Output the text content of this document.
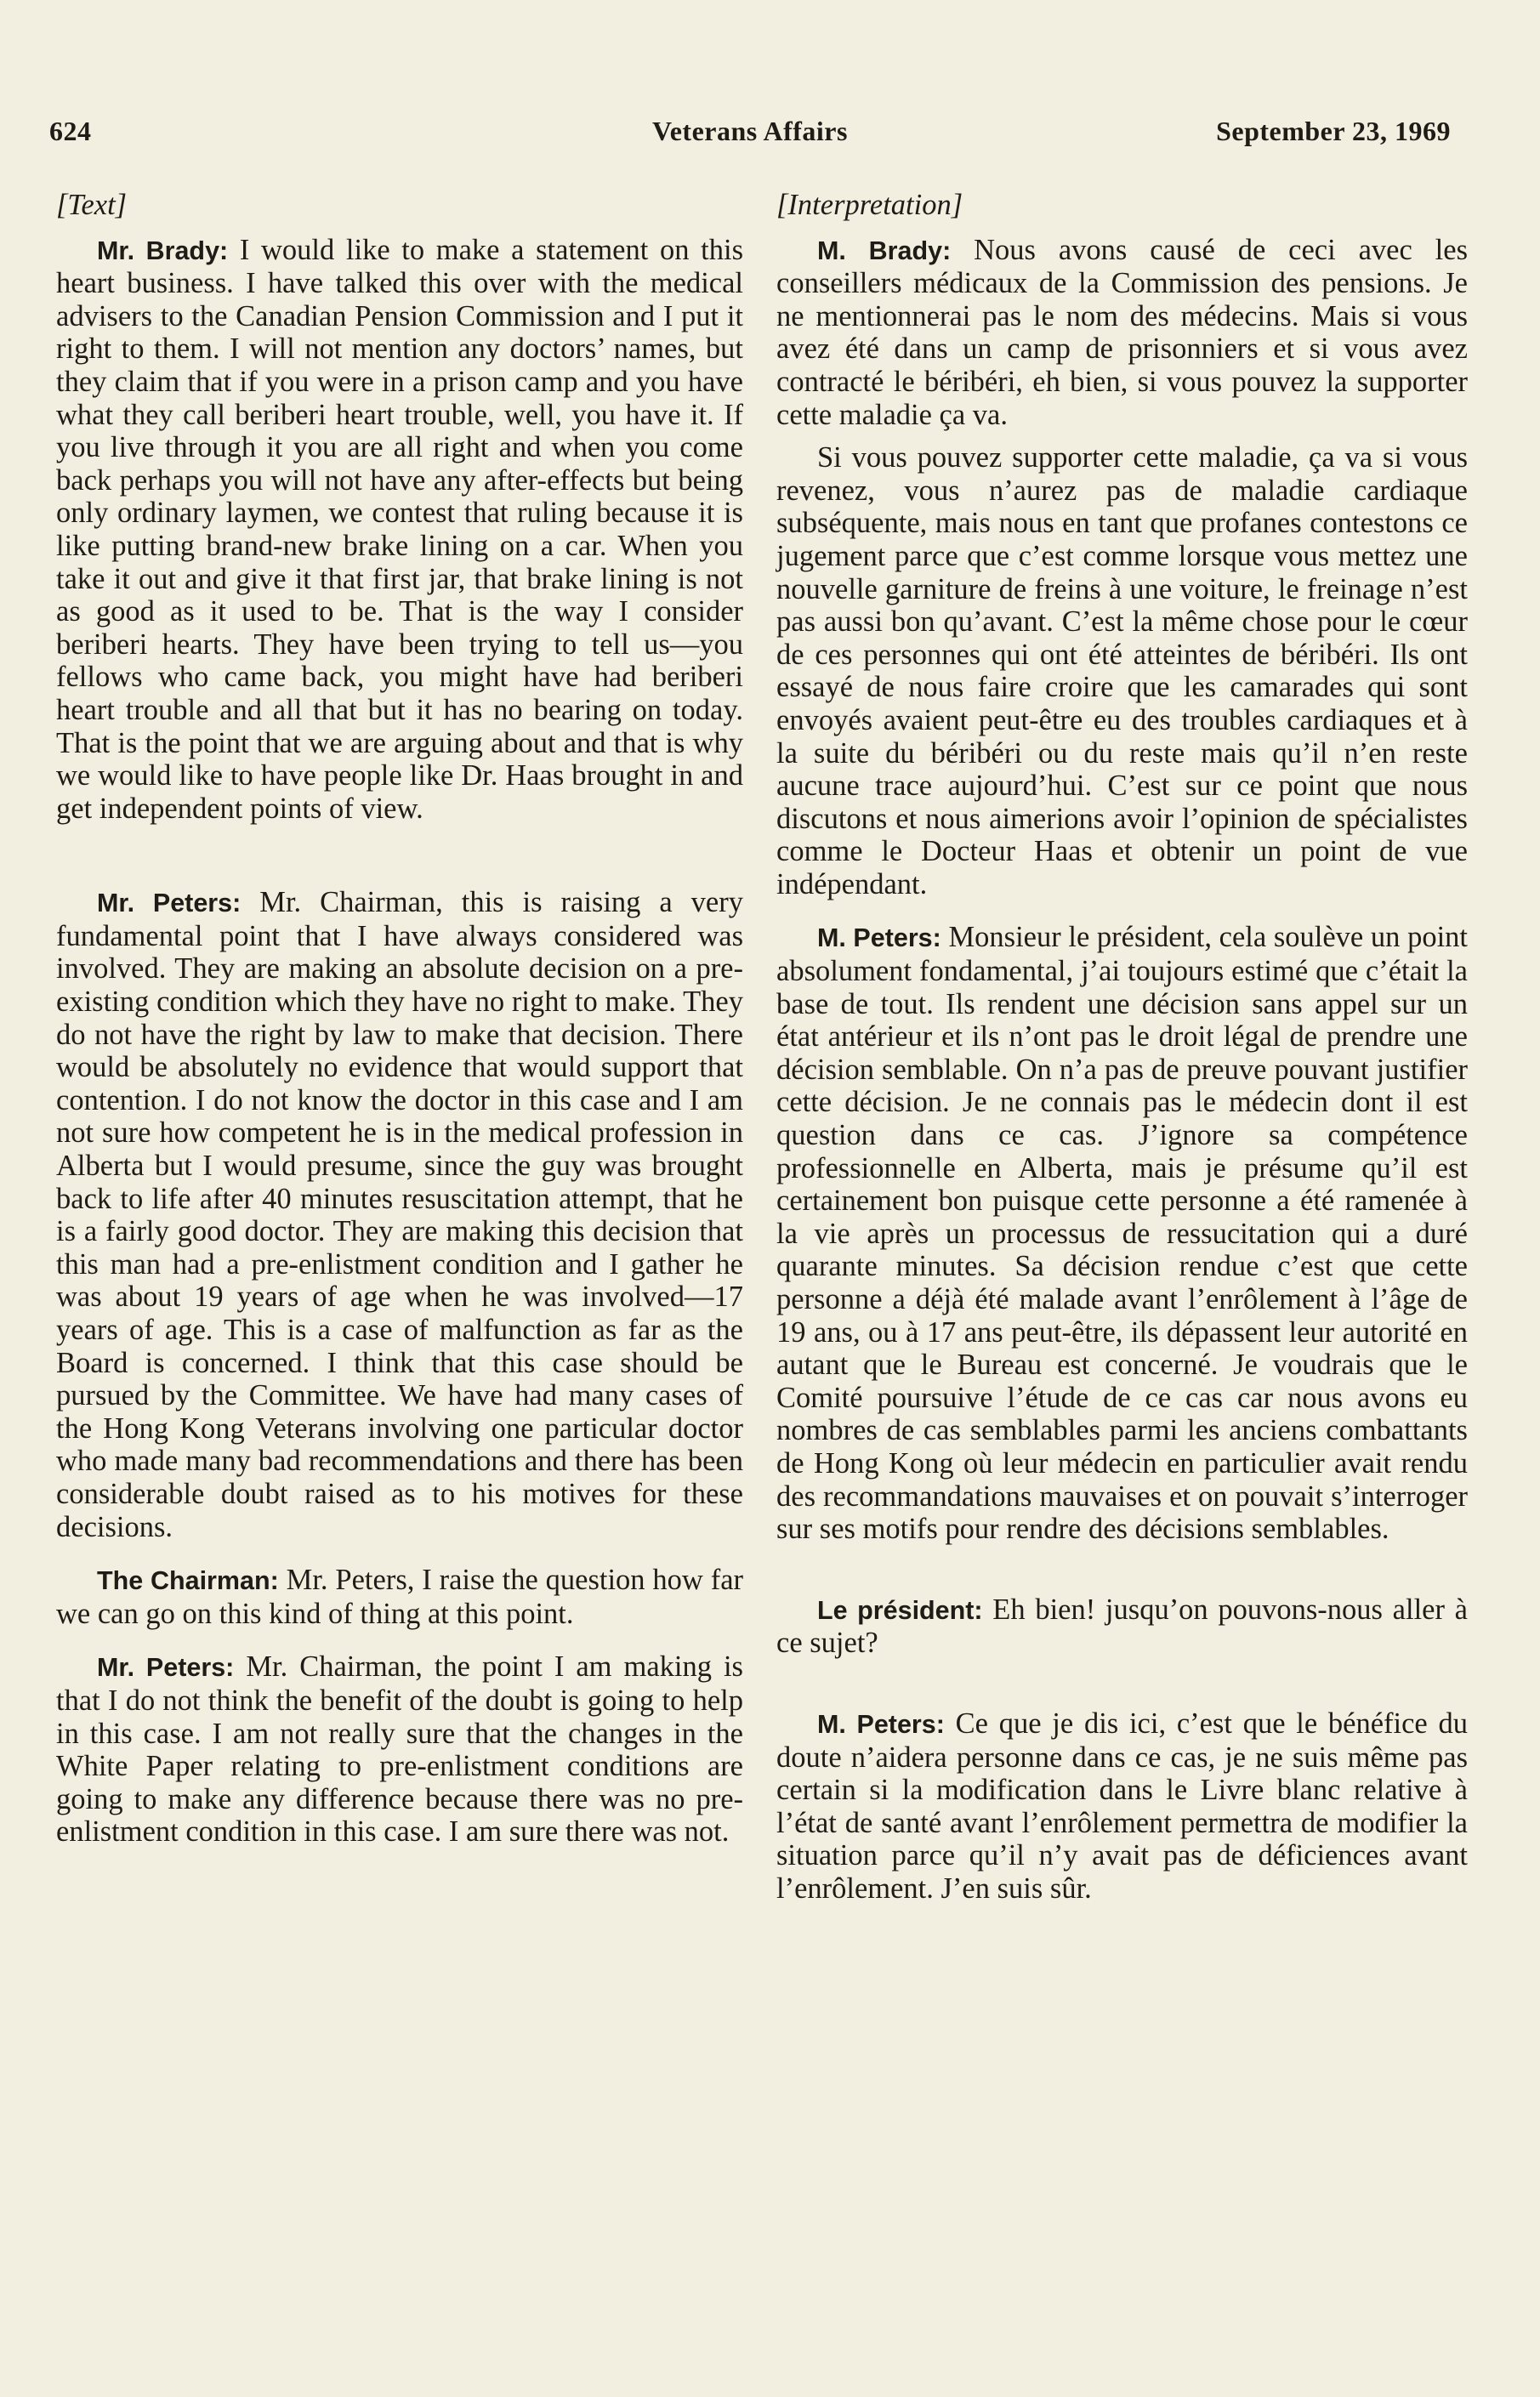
624	Veterans Affairs	September 23, 1969

[Text]

Mr. Brady: I would like to make a statement on this heart business. I have talked this over with the medical advisers to the Canadian Pension Commission and I put it right to them. I will not mention any doctors’ names, but they claim that if you were in a prison camp and you have what they call beriberi heart trouble, well, you have it. If you live through it you are all right and when you come back perhaps you will not have any after-effects but being only ordinary laymen, we contest that ruling because it is like putting brand-new brake lining on a car. When you take it out and give it that first jar, that brake lining is not as good as it used to be. That is the way I consider beriberi hearts. They have been trying to tell us—you fellows who came back, you might have had beriberi heart trouble and all that but it has no bearing on today. That is the point that we are arguing about and that is why we would like to have people like Dr. Haas brought in and get independent points of view.

Mr. Peters: Mr. Chairman, this is raising a very fundamental point that I have always considered was involved. They are making an absolute decision on a pre-existing condition which they have no right to make. They do not have the right by law to make that decision. There would be absolutely no evidence that would support that contention. I do not know the doctor in this case and I am not sure how competent he is in the medical profession in Alberta but I would presume, since the guy was brought back to life after 40 minutes resuscitation attempt, that he is a fairly good doctor. They are making this decision that this man had a pre-enlistment condition and I gather he was about 19 years of age when he was involved—17 years of age. This is a case of malfunction as far as the Board is concerned. I think that this case should be pursued by the Committee. We have had many cases of the Hong Kong Veterans involving one particular doctor who made many bad recommendations and there has been considerable doubt raised as to his motives for these decisions.

The Chairman: Mr. Peters, I raise the question how far we can go on this kind of thing at this point.

Mr. Peters: Mr. Chairman, the point I am making is that I do not think the benefit of the doubt is going to help in this case. I am not really sure that the changes in the White Paper relating to pre-enlistment conditions are going to make any difference because there was no pre-enlistment condition in this case. I am sure there was not.

[Interpretation]

M. Brady: Nous avons causé de ceci avec les conseillers médicaux de la Commission des pensions. Je ne mentionnerai pas le nom des médecins. Mais si vous avez été dans un camp de prisonniers et si vous avez contracté le béribéri, eh bien, si vous pouvez la supporter cette maladie ça va.

Si vous pouvez supporter cette maladie, ça va si vous revenez, vous n’aurez pas de maladie cardiaque subséquente, mais nous en tant que profanes contestons ce jugement parce que c’est comme lorsque vous mettez une nouvelle garniture de freins à une voiture, le freinage n’est pas aussi bon qu’avant. C’est la même chose pour le cœur de ces personnes qui ont été atteintes de béribéri. Ils ont essayé de nous faire croire que les camarades qui sont envoyés avaient peut-être eu des troubles cardiaques et à la suite du béribéri ou du reste mais qu’il n’en reste aucune trace aujourd’hui. C’est sur ce point que nous discutons et nous aimerions avoir l’opinion de spécialistes comme le Docteur Haas et obtenir un point de vue indépendant.

M. Peters: Monsieur le président, cela soulève un point absolument fondamental, j’ai toujours estimé que c’était la base de tout. Ils rendent une décision sans appel sur un état antérieur et ils n’ont pas le droit légal de prendre une décision semblable. On n’a pas de preuve pouvant justifier cette décision. Je ne connais pas le médecin dont il est question dans ce cas. J’ignore sa compétence professionnelle en Alberta, mais je présume qu’il est certainement bon puisque cette personne a été ramenée à la vie après un processus de ressucitation qui a duré quarante minutes. Sa décision rendue c’est que cette personne a déjà été malade avant l’enrôlement à l’âge de 19 ans, ou à 17 ans peut-être, ils dépassent leur autorité en autant que le Bureau est concerné. Je voudrais que le Comité poursuive l’étude de ce cas car nous avons eu nombres de cas semblables parmi les anciens combattants de Hong Kong où leur médecin en particulier avait rendu des recommandations mauvaises et on pouvait s’interroger sur ses motifs pour rendre des décisions semblables.

Le président: Eh bien! jusqu’on pouvons-nous aller à ce sujet?

M. Peters: Ce que je dis ici, c’est que le bénéfice du doute n’aidera personne dans ce cas, je ne suis même pas certain si la modification dans le Livre blanc relative à l’état de santé avant l’enrôlement permettra de modifier la situation parce qu’il n’y avait pas de déficiences avant l’enrôlement. J’en suis sûr.
